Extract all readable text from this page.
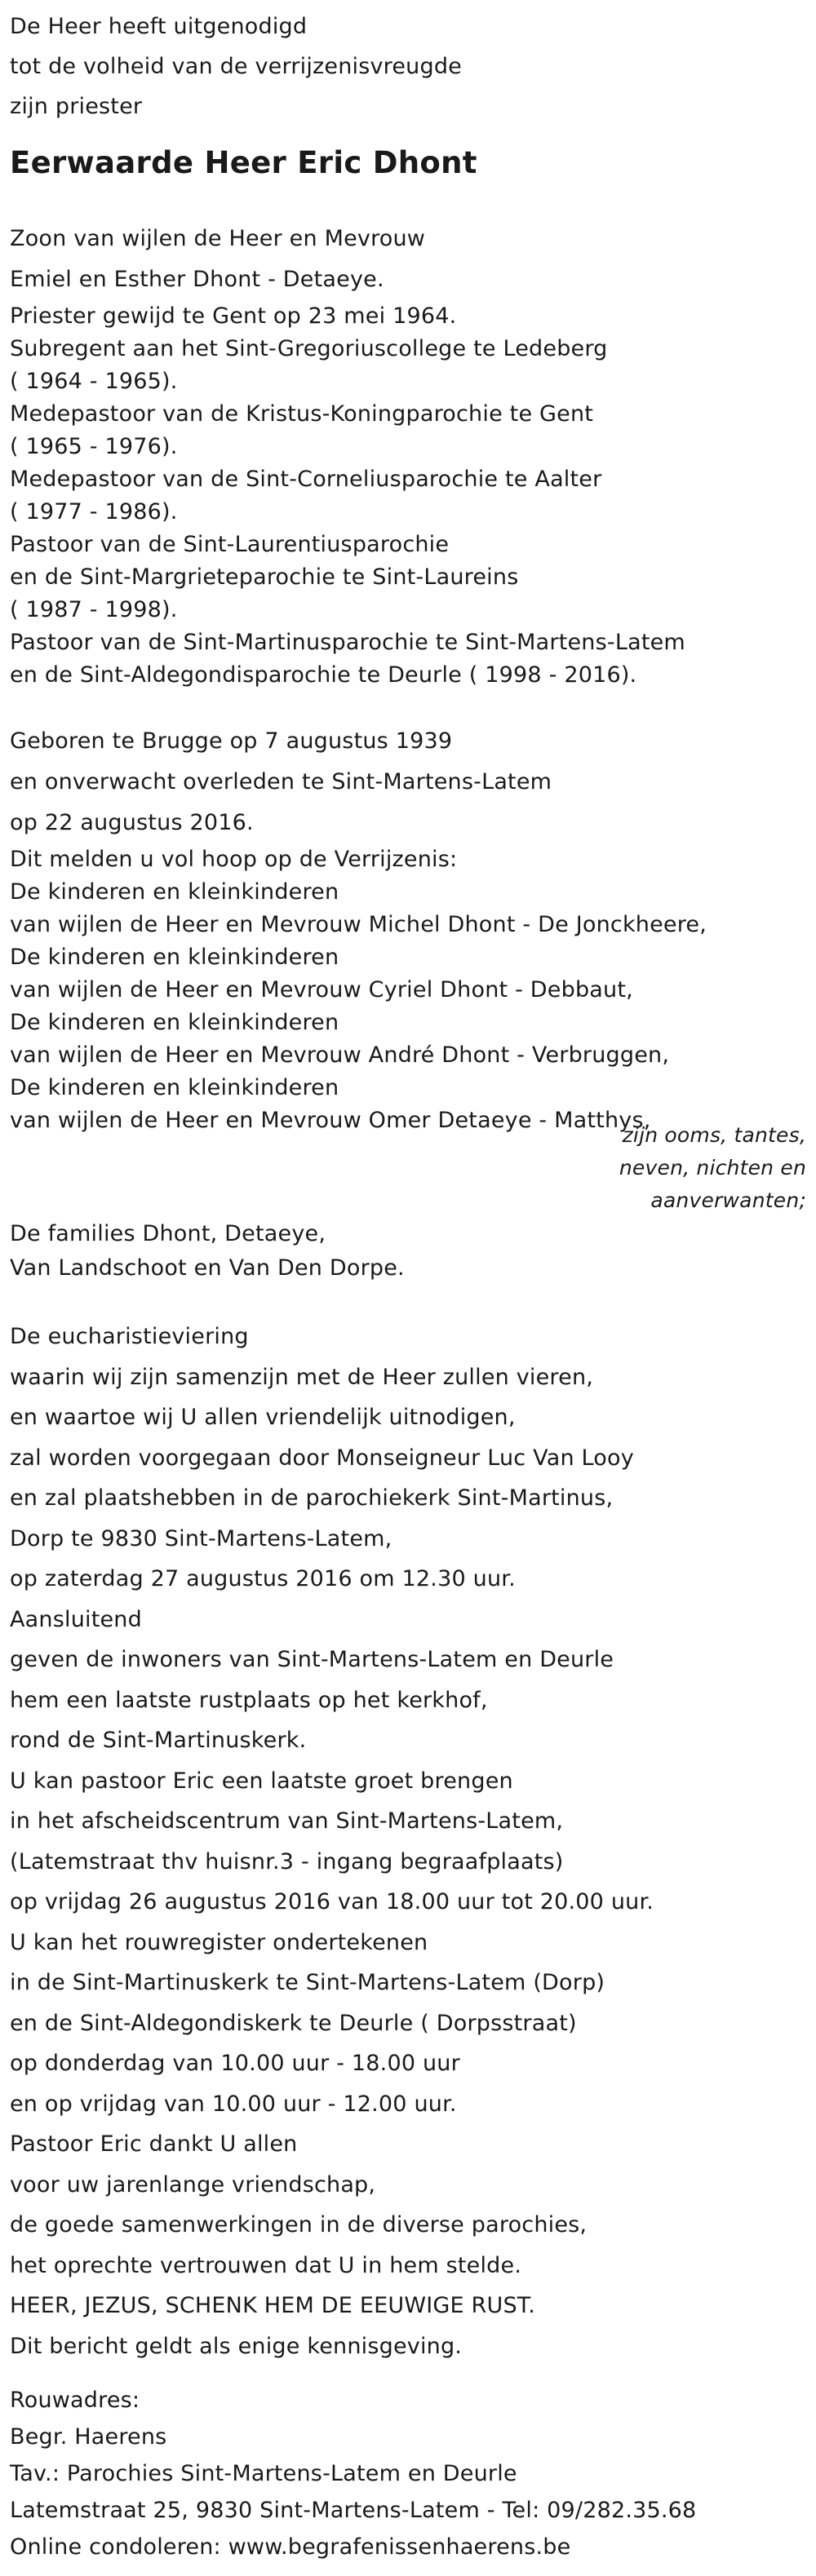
De Heer heeft uitgenodigd
tot de volheid van de verrijzenisvreugde
zijn priester
Eerwaarde Heer Eric Dhont
Zoon van wijlen de Heer en Mevrouw
Emiel en Esther Dhont - Detaeye.
Priester gewijd te Gent op 23 mei 1964.
Subregent aan het Sint-Gregoriuscollege te Ledeberg
( 1964 - 1965).
Medepastoor van de Kristus-Koningparochie te Gent
( 1965 - 1976).
Medepastoor van de Sint-Corneliusparochie te Aalter
( 1977 - 1986).
Pastoor van de Sint-Laurentiusparochie
en de Sint-Margrieteparochie te Sint-Laureins
( 1987 - 1998).
Pastoor van de Sint-Martinusparochie te Sint-Martens-Latem
en de Sint-Aldegondisparochie te Deurle ( 1998 - 2016).
Geboren te Brugge op 7 augustus 1939
en onverwacht overleden te Sint-Martens-Latem
op 22 augustus 2016.
Dit melden u vol hoop op de Verrijzenis:
De kinderen en kleinkinderen
van wijlen de Heer en Mevrouw Michel Dhont - De Jonckheere,
De kinderen en kleinkinderen
van wijlen de Heer en Mevrouw Cyriel Dhont - Debbaut,
De kinderen en kleinkinderen
van wijlen de Heer en Mevrouw André Dhont - Verbruggen,
De kinderen en kleinkinderen
van wijlen de Heer en Mevrouw Omer Detaeye - Matthys,
zijn ooms, tantes,
neven, nichten en
aanverwanten;
De families Dhont, Detaeye,
Van Landschoot en Van Den Dorpe.
De eucharistieviering
waarin wij zijn samenzijn met de Heer zullen vieren,
en waartoe wij U allen vriendelijk uitnodigen,
zal worden voorgegaan door Monseigneur Luc Van Looy
en zal plaatshebben in de parochiekerk Sint-Martinus,
Dorp te 9830 Sint-Martens-Latem,
op zaterdag 27 augustus 2016 om 12.30 uur.
Aansluitend
geven de inwoners van Sint-Martens-Latem en Deurle
hem een laatste rustplaats op het kerkhof,
rond de Sint-Martinuskerk.
U kan pastoor Eric een laatste groet brengen
in het afscheidscentrum van Sint-Martens-Latem,
(Latemstraat thv huisnr.3 - ingang begraafplaats)
op vrijdag 26 augustus 2016 van 18.00 uur tot 20.00 uur.
U kan het rouwregister ondertekenen
in de Sint-Martinuskerk te Sint-Martens-Latem (Dorp)
en de Sint-Aldegondiskerk te Deurle ( Dorpsstraat)
op donderdag van 10.00 uur - 18.00 uur
en op vrijdag van 10.00 uur - 12.00 uur.
Pastoor Eric dankt U allen
voor uw jarenlange vriendschap,
de goede samenwerkingen in de diverse parochies,
het oprechte vertrouwen dat U in hem stelde.
HEER, JEZUS, SCHENK HEM DE EEUWIGE RUST.
Dit bericht geldt als enige kennisgeving.
Rouwadres:
Begr. Haerens
Tav.: Parochies Sint-Martens-Latem en Deurle
Latemstraat 25, 9830 Sint-Martens-Latem - Tel: 09/282.35.68
Online condoleren: www.begrafenissenhaerens.be
